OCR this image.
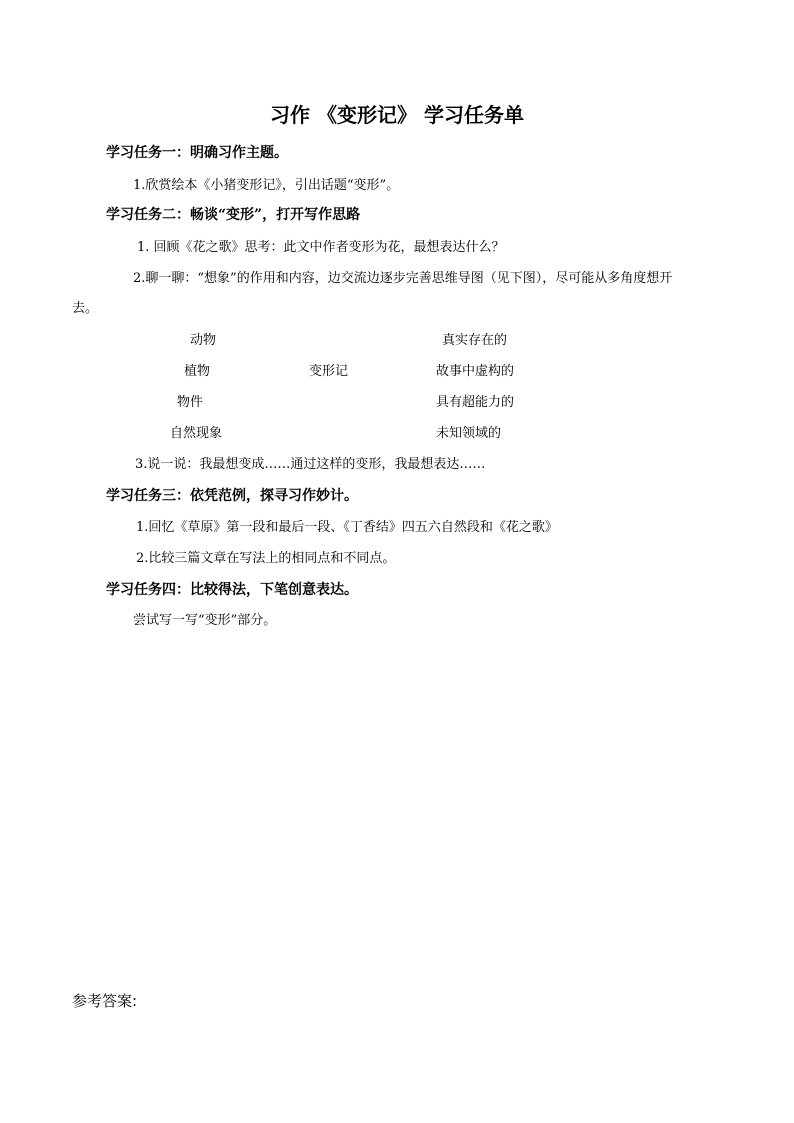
习作 《变形记》 学习任务单
学习任务一：明确习作主题。
1.欣赏绘本《小猪变形记》，引出话题“变形”。
学习任务二：畅谈“变形”，打开写作思路
1. 回顾《花之歌》思考：此文中作者变形为花，最想表达什么？
2.聊一聊：“想象”的作用和内容，边交流边逐步完善思维导图（见下图），尽可能从多角度想开
去。
动物
植物
物件
自然现象
变形记
真实存在的
故事中虚构的
具有超能力的
未知领域的
3.说一说：我最想变成……通过这样的变形，我最想表达……
学习任务三：依凭范例，探寻习作妙计。
1.回忆《草原》第一段和最后一段、《丁香结》四五六自然段和《花之歌》
2.比较三篇文章在写法上的相同点和不同点。
学习任务四：比较得法，下笔创意表达。
尝试写一写“变形”部分。
参考答案:
